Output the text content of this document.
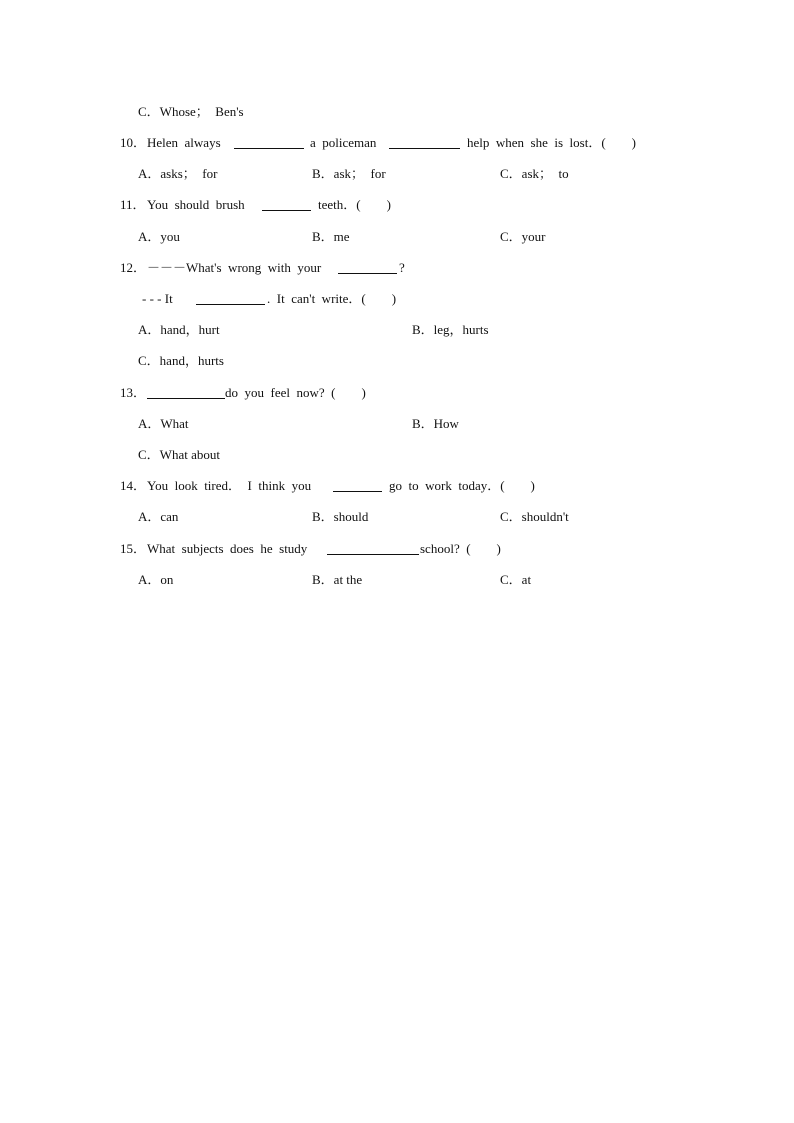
C．Whose；  Ben's

10．

Helen  always

	a  policeman

	help  when  she  is  lost．(        )

A．asks；  for

	B．ask；  for

	C．ask；  to

11．

You  should  brush

	teeth．(        )

A．you

	B．me

	C．your

12．

－－－What's  wrong  with  your

	?

- - - It

	.  It  can't  write．(        )

A．hand，hurt

	B．leg，hurts

C．hand，hurts

13．

	do  you  feel  now?  (        )

A．What

	B．How

C．What about

14．

You  look  tired．  I  think  you

	go  to  work  today．(        )

A．can

	B．should

	C．shouldn't

15．

What  subjects  does  he  study

	school?  (        )

A．on

	B．at the

	C．at
